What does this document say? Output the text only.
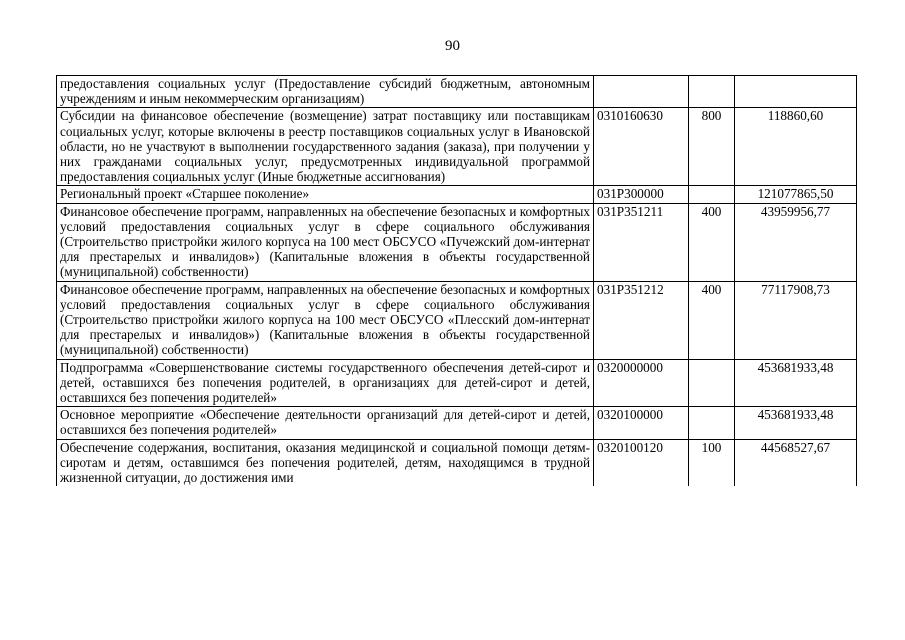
90
предоставления социальных услуг (Предоставление субсидий бюджетным, автономным учреждениям и иным некоммерческим организациям)			
Субсидии на финансовое обеспечение (возмещение) затрат поставщику или поставщикам социальных услуг, которые включены в реестр поставщиков социальных услуг в Ивановской области, но не участвуют в выполнении государственного задания (заказа), при получении у них гражданами социальных услуг, предусмотренных индивидуальной программой предоставления социальных услуг (Иные бюджетные ассигнования)	0310160630	800	118860,60
Региональный проект «Старшее поколение»	031P300000		121077865,50
Финансовое обеспечение программ, направленных на обеспечение безопасных и комфортных условий предоставления социальных услуг в сфере социального обслуживания (Строительство пристройки жилого корпуса на 100 мест ОБСУСО «Пучежский дом-интернат для престарелых и инвалидов») (Капитальные вложения в объекты государственной (муниципальной) собственности)	031P351211	400	43959956,77
Финансовое обеспечение программ, направленных на обеспечение безопасных и комфортных условий предоставления социальных услуг в сфере социального обслуживания (Строительство пристройки жилого корпуса на 100 мест ОБСУСО «Плесский дом-интернат для престарелых и инвалидов») (Капитальные вложения в объекты государственной (муниципальной) собственности)	031P351212	400	77117908,73
Подпрограмма «Совершенствование системы государственного обеспечения детей-сирот и детей, оставшихся без попечения родителей, в организациях для детей-сирот и детей, оставшихся без попечения родителей»	0320000000		453681933,48
Основное мероприятие «Обеспечение деятельности организаций для детей-сирот и детей, оставшихся без попечения родителей»	0320100000		453681933,48
Обеспечение содержания, воспитания, оказания медицинской и социальной помощи детям-сиротам и детям, оставшимся без попечения родителей, детям, находящимся в трудной жизненной ситуации, до достижения ими	0320100120	100	44568527,67
